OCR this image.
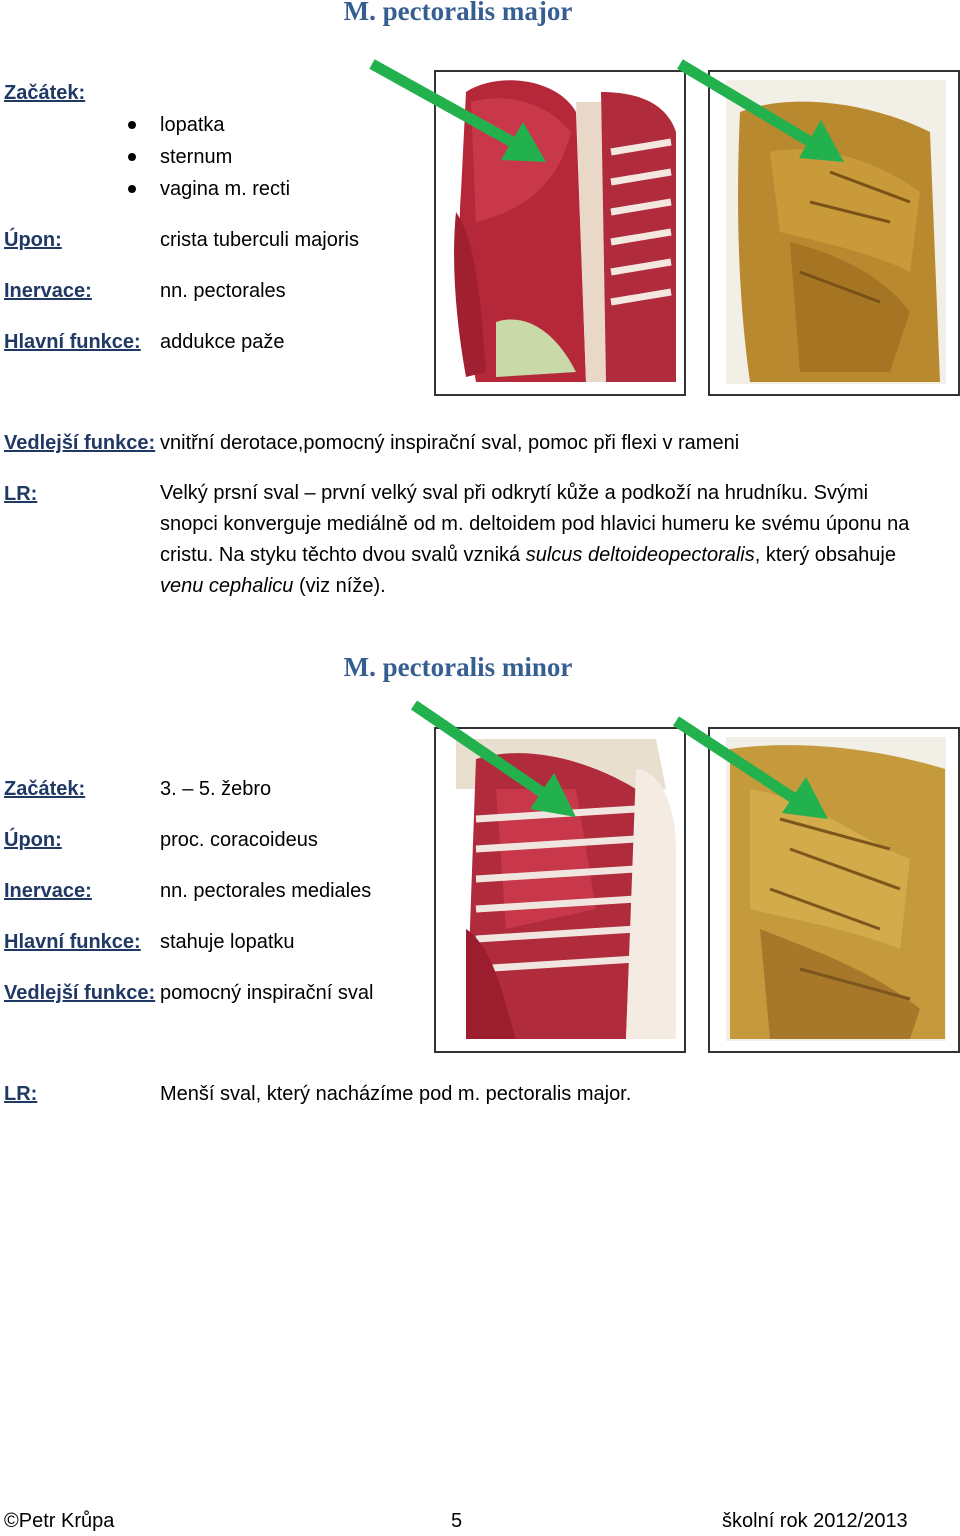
M. pectoralis major
Začátek:
lopatka
sternum
vagina m. recti
Úpon:	crista tuberculi majoris
Inervace:	nn. pectorales
Hlavní funkce: addukce paže
Vedlejší funkce: vnitřní derotace,pomocný inspirační sval, pomoc při flexi v rameni
LR:	Velký prsní sval – první velký sval při odkrytí kůže a podkoží na hrudníku. Svými snopci konverguje mediálně od m. deltoidem pod hlavici humeru ke svému úponu na cristu. Na styku těchto dvou svalů vzniká sulcus deltoideopectoralis, který obsahuje venu cephalicu (viz níže).
M. pectoralis minor
Začátek:	3. – 5. žebro
Úpon:	proc. coracoideus
Inervace:	nn. pectorales mediales
Hlavní funkce: stahuje lopatku
Vedlejší funkce: pomocný inspirační sval
LR:	Menší sval, který nacházíme pod m. pectoralis major.
©Petr Krůpa	5	školní rok 2012/2013
